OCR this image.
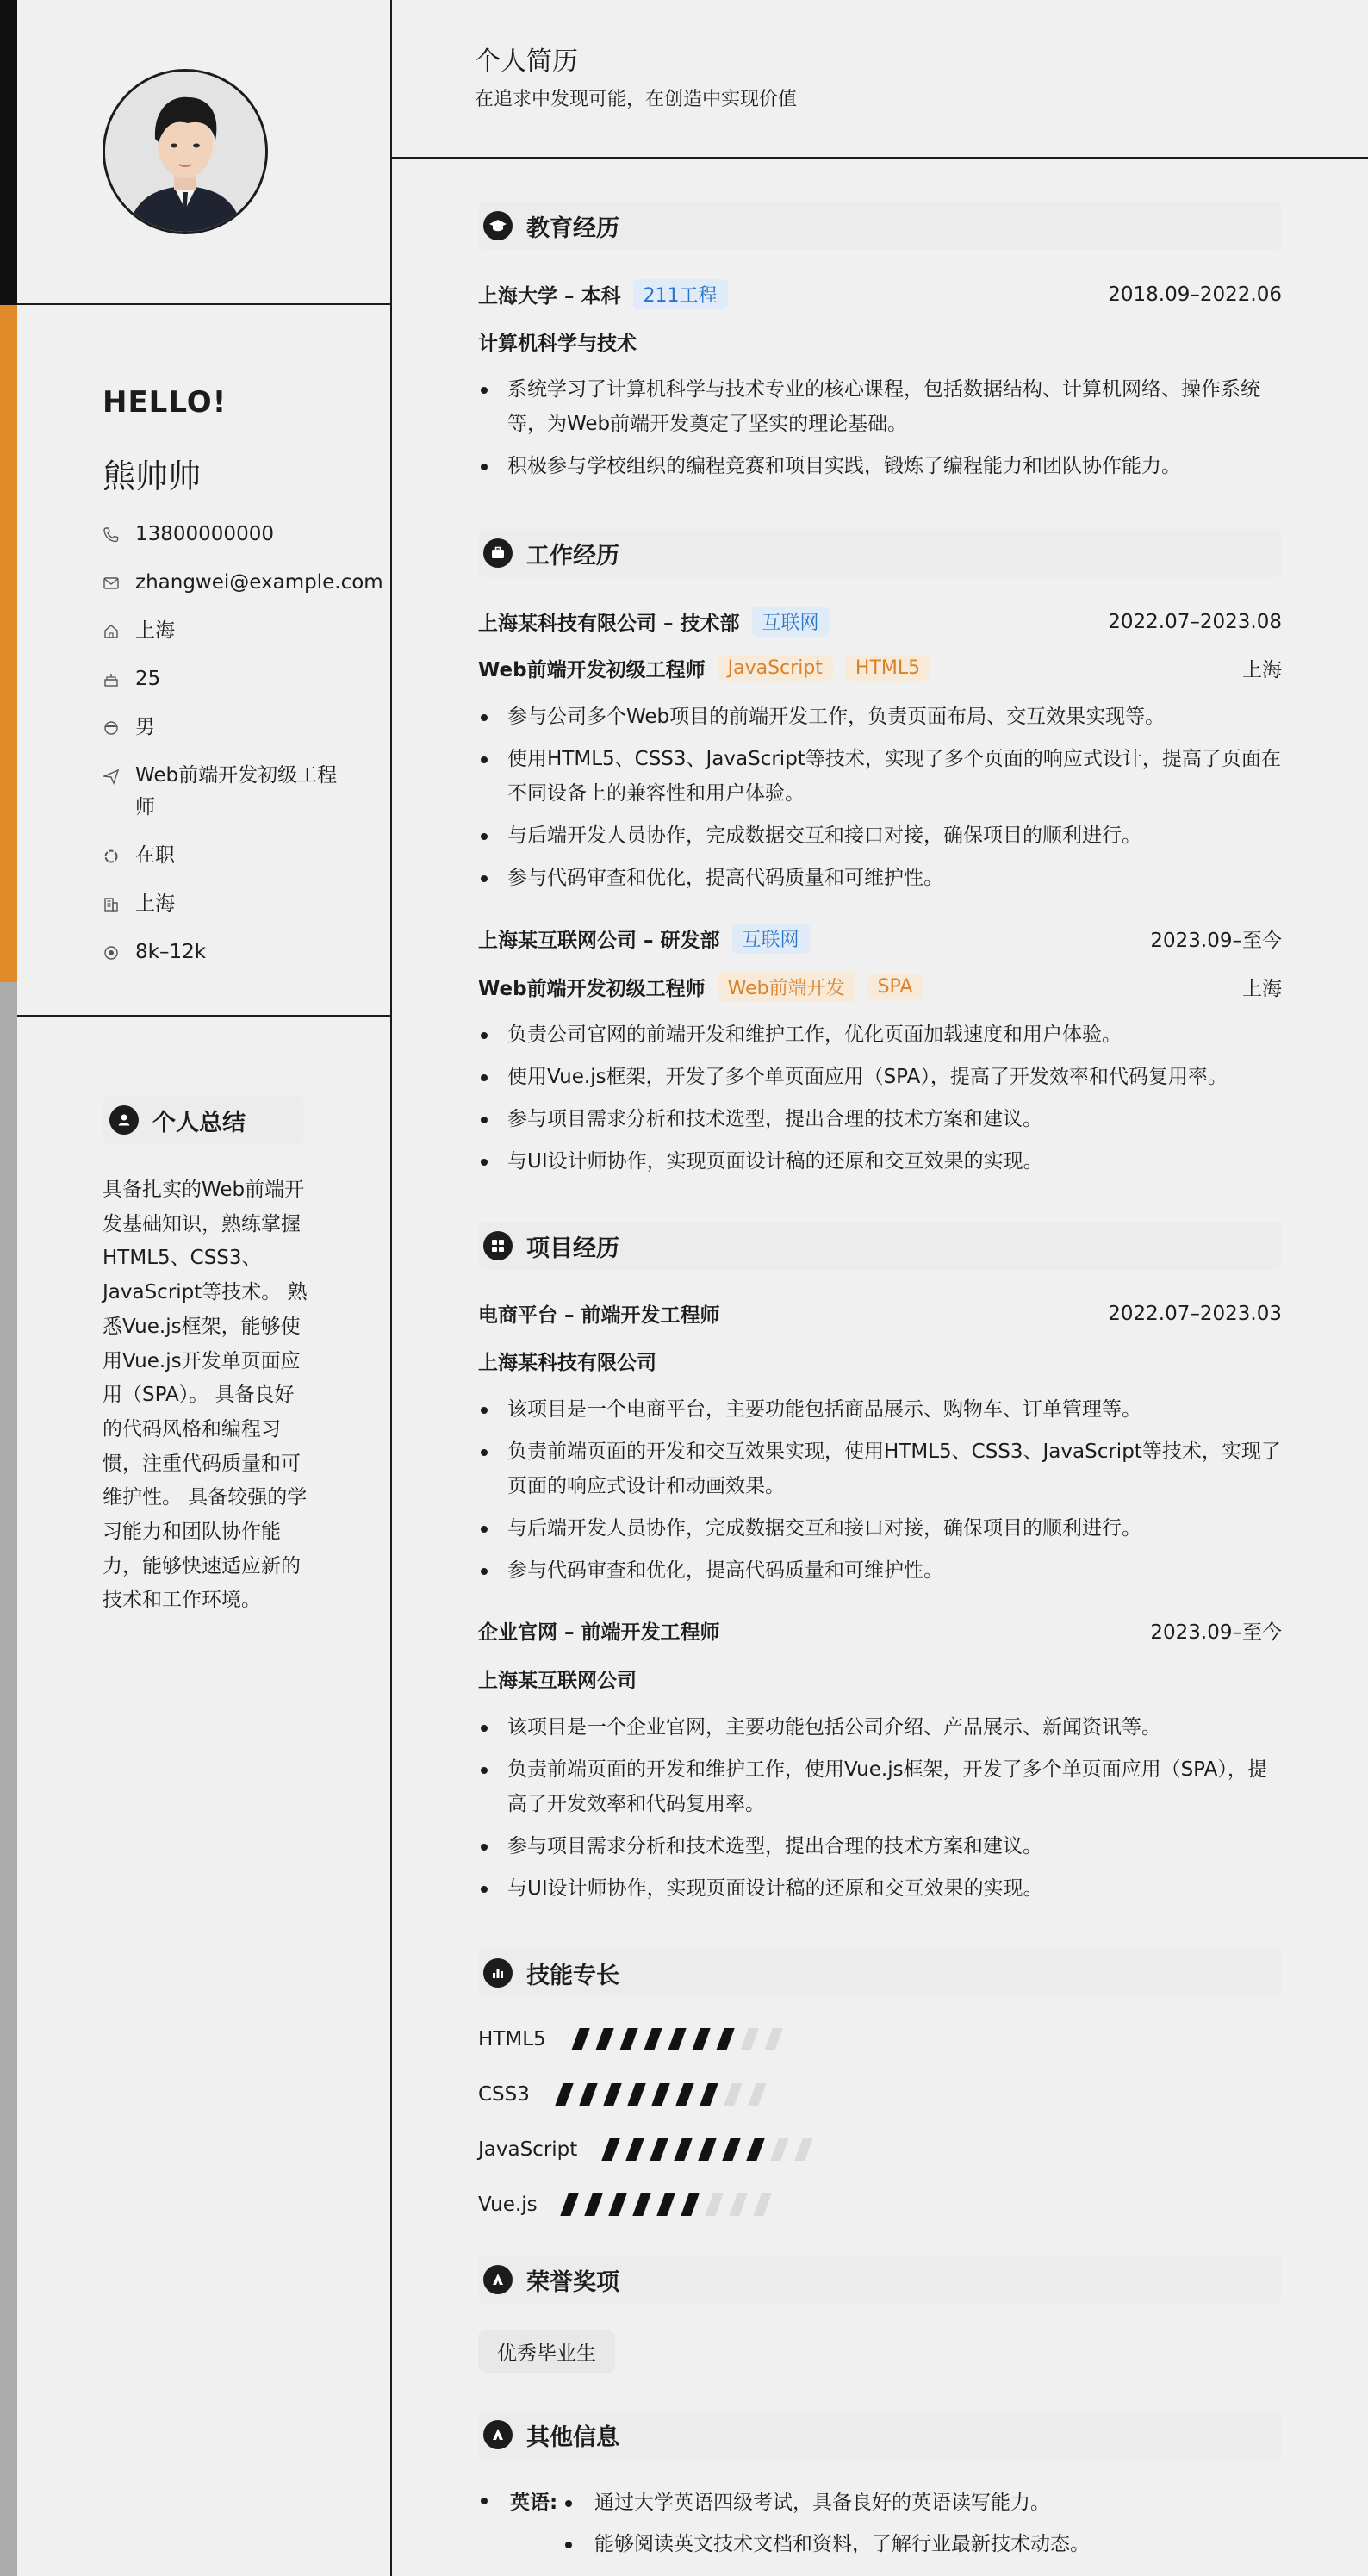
HELLO!
熊帅帅
13800000000
zhangwei@example.com
上海
25
男
Web前端开发初级工程师
在职
上海
8k–12k
个人总结
具备扎实的Web前端开发基础知识，熟练掌握HTML5、CSS3、JavaScript等技术。 熟悉Vue.js框架，能够使用Vue.js开发单页面应用（SPA）。 具备良好的代码风格和编程习惯，注重代码质量和可维护性。 具备较强的学习能力和团队协作能力，能够快速适应新的技术和工作环境。
个人简历
在追求中发现可能，在创造中实现价值
教育经历
上海大学 – 本科	211工程	2018.09–2022.06
计算机科学与技术
系统学习了计算机科学与技术专业的核心课程，包括数据结构、计算机网络、操作系统等，为Web前端开发奠定了坚实的理论基础。
积极参与学校组织的编程竞赛和项目实践，锻炼了编程能力和团队协作能力。
工作经历
上海某科技有限公司 – 技术部	互联网	2022.07–2023.08
Web前端开发初级工程师	JavaScript	HTML5	上海
参与公司多个Web项目的前端开发工作，负责页面布局、交互效果实现等。
使用HTML5、CSS3、JavaScript等技术，实现了多个页面的响应式设计，提高了页面在不同设备上的兼容性和用户体验。
与后端开发人员协作，完成数据交互和接口对接，确保项目的顺利进行。
参与代码审查和优化，提高代码质量和可维护性。
上海某互联网公司 – 研发部	互联网	2023.09–至今
Web前端开发初级工程师	Web前端开发	SPA	上海
负责公司官网的前端开发和维护工作，优化页面加载速度和用户体验。
使用Vue.js框架，开发了多个单页面应用（SPA），提高了开发效率和代码复用率。
参与项目需求分析和技术选型，提出合理的技术方案和建议。
与UI设计师协作，实现页面设计稿的还原和交互效果的实现。
项目经历
电商平台 – 前端开发工程师	2022.07–2023.03
上海某科技有限公司
该项目是一个电商平台，主要功能包括商品展示、购物车、订单管理等。
负责前端页面的开发和交互效果实现，使用HTML5、CSS3、JavaScript等技术，实现了页面的响应式设计和动画效果。
与后端开发人员协作，完成数据交互和接口对接，确保项目的顺利进行。
参与代码审查和优化，提高代码质量和可维护性。
企业官网 – 前端开发工程师	2023.09–至今
上海某互联网公司
该项目是一个企业官网，主要功能包括公司介绍、产品展示、新闻资讯等。
负责前端页面的开发和维护工作，使用Vue.js框架，开发了多个单页面应用（SPA），提高了开发效率和代码复用率。
参与项目需求分析和技术选型，提出合理的技术方案和建议。
与UI设计师协作，实现页面设计稿的还原和交互效果的实现。
技能专长
HTML5
CSS3
JavaScript
Vue.js
荣誉奖项
优秀毕业生
其他信息
英语:	通过大学英语四级考试，具备良好的英语读写能力。
能够阅读英文技术文档和资料，了解行业最新技术动态。
